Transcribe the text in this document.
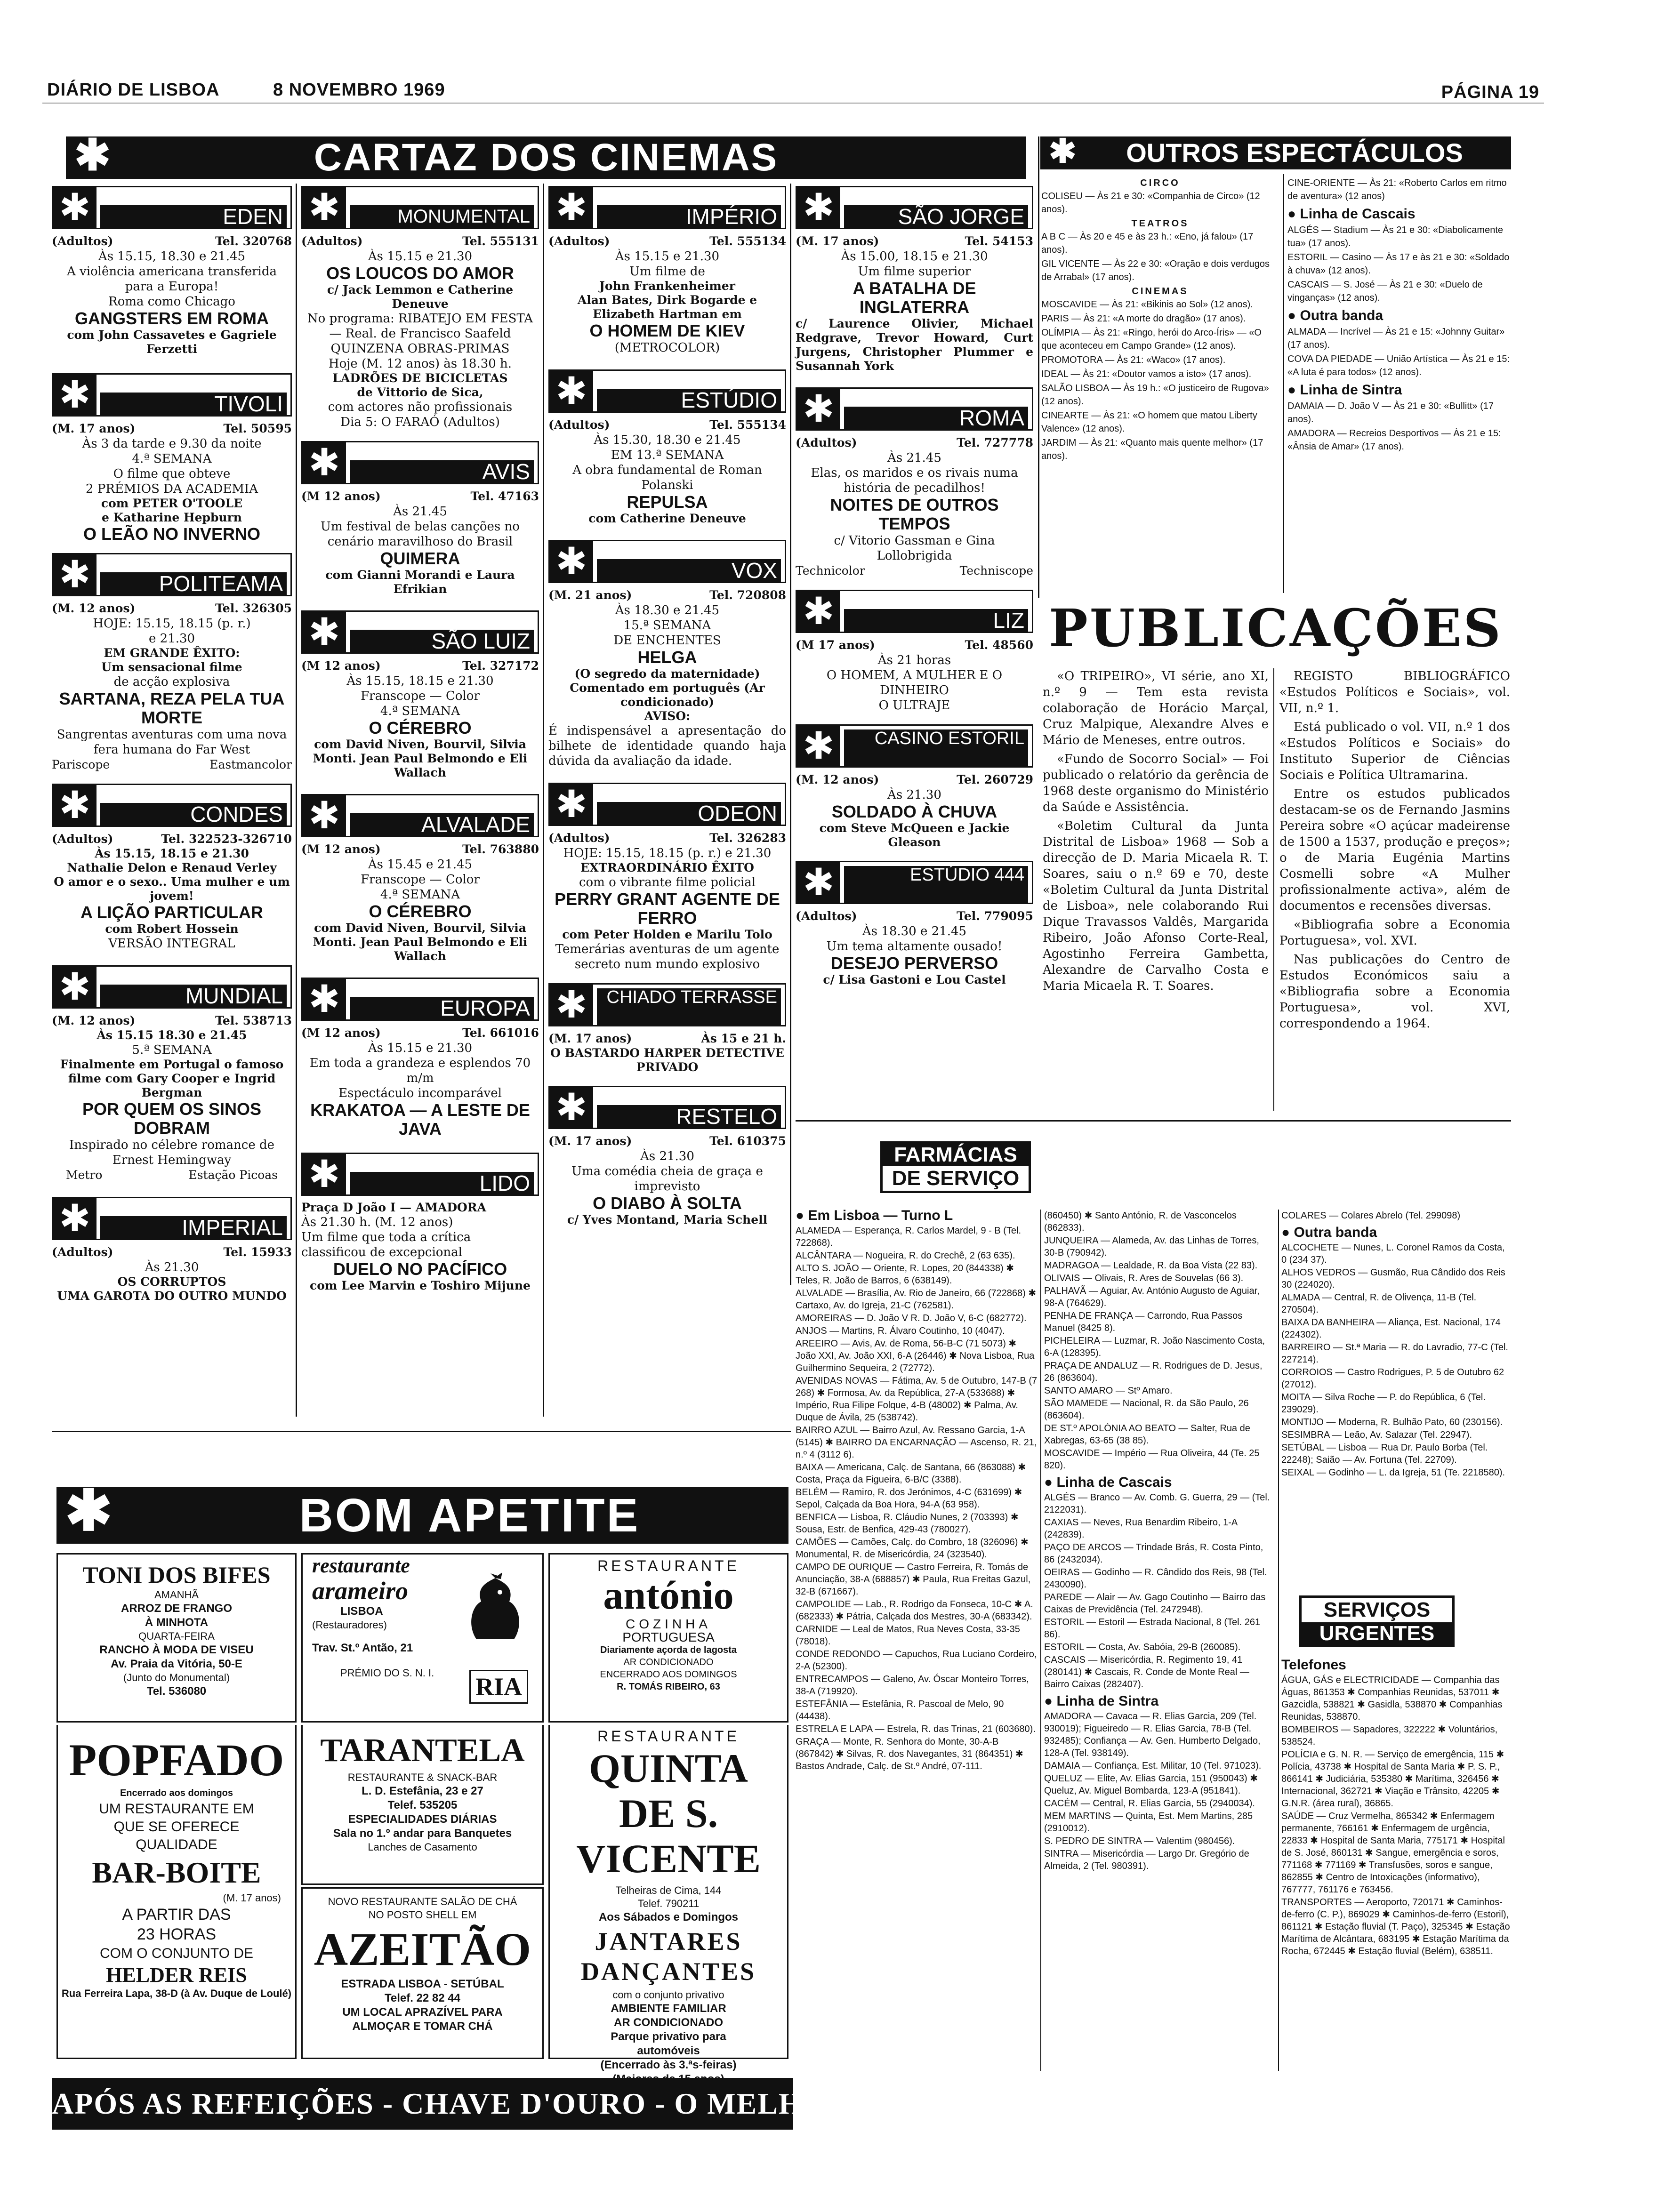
DIÁRIO DE LISBOA	8 NOVEMBRO 1969	PÁGINA 19
✱	CARTAZ DOS CINEMAS	✱	OUTROS ESPECTÁCULOS
✱	EDEN
(Adultos)	Tel. 320768
Às 15.15, 18.30 e 21.45
A violência americana transferida para a Europa!
Roma como Chicago
GANGSTERS EM ROMA
com John Cassavetes e Gagriele Ferzetti
✱	TIVOLI
(M. 17 anos)	Tel. 50595
Às 3 da tarde e 9.30 da noite
4.ª SEMANA
O filme que obteve
2 PRÉMIOS DA ACADEMIA
com PETER O'TOOLE
e Katharine Hepburn
O LEÃO NO INVERNO
✱	POLITEAMA
(M. 12 anos)	Tel. 326305
HOJE: 15.15, 18.15 (p. r.)
e 21.30
EM GRANDE ÊXITO:
Um sensacional filme
de acção explosiva
SARTANA, REZA PELA TUA MORTE
Sangrentas aventuras com uma nova fera humana do Far West
Pariscope	Eastmancolor
✱	CONDES
(Adultos)	Tel. 322523-326710
Às 15.15, 18.15 e 21.30
Nathalie Delon e Renaud Verley
O amor e o sexo.. Uma mulher e um jovem!
A LIÇÃO PARTICULAR
com Robert Hossein
VERSÃO INTEGRAL
✱	MUNDIAL
(M. 12 anos)	Tel. 538713
Às 15.15 18.30 e 21.45
5.ª SEMANA
Finalmente em Portugal o famoso filme com Gary Cooper e Ingrid Bergman
POR QUEM OS SINOS DOBRAM
Inspirado no célebre romance de Ernest Hemingway
Metro	Estação Picoas
✱	IMPERIAL
(Adultos)	Tel. 15933
Às 21.30
OS CORRUPTOS
UMA GAROTA DO OUTRO MUNDO
✱	MONUMENTAL
(Adultos)	Tel. 555131
Às 15.15 e 21.30
OS LOUCOS DO AMOR
c/ Jack Lemmon e Catherine Deneuve
No programa: RIBATEJO EM FESTA — Real. de Francisco Saafeld
QUINZENA OBRAS-PRIMAS
Hoje (M. 12 anos) às 18.30 h.
LADRÕES DE BICICLETAS
de Vittorio de Sica,
com actores não profissionais
Dia 5: O FARAÓ (Adultos)
✱	AVIS
(M 12 anos)	Tel. 47163
Às 21.45
Um festival de belas canções no cenário maravilhoso do Brasil
QUIMERA
com Gianni Morandi e Laura Efrikian
✱	SÃO LUIZ
(M 12 anos)	Tel. 327172
Às 15.15, 18.15 e 21.30
Franscope — Color
4.ª SEMANA
O CÉREBRO
com David Niven, Bourvil, Silvia Monti. Jean Paul Belmondo e Eli Wallach
✱	ALVALADE
(M 12 anos)	Tel. 763880
Às 15.45 e 21.45
Franscope — Color
4.ª SEMANA
O CÉREBRO
com David Niven, Bourvil, Silvia Monti. Jean Paul Belmondo e Eli Wallach
✱	EUROPA
(M 12 anos)	Tel. 661016
Às 15.15 e 21.30
Em toda a grandeza e esplendos 70 m/m
Espectáculo incomparável
KRAKATOA — A LESTE DE JAVA
✱	LIDO
Praça D João I — AMADORA
Às 21.30 h. (M. 12 anos)
Um filme que toda a crítica classificou de excepcional
DUELO NO PACÍFICO
com Lee Marvin e Toshiro Mijune
✱	IMPÉRIO
(Adultos)	Tel. 555134
Às 15.15 e 21.30
Um filme de
John Frankenheimer
Alan Bates, Dirk Bogarde e Elizabeth Hartman em
O HOMEM DE KIEV
(METROCOLOR)
✱	ESTÚDIO
(Adultos)	Tel. 555134
Às 15.30, 18.30 e 21.45
EM 13.ª SEMANA
A obra fundamental de Roman Polanski
REPULSA
com Catherine Deneuve
✱	VOX
(M. 21 anos)	Tel. 720808
Às 18.30 e 21.45
15.ª SEMANA
DE ENCHENTES
HELGA
(O segredo da maternidade) Comentado em português (Ar condicionado)
AVISO:
É indispensável a apresentação do bilhete de identidade quando haja dúvida da avaliação da idade.
✱	ODEON
(Adultos)	Tel. 326283
HOJE: 15.15, 18.15 (p. r.) e 21.30
EXTRAORDINÁRIO ÊXITO
com o vibrante filme policial
PERRY GRANT AGENTE DE FERRO
com Peter Holden e Marilu Tolo
Temerárias aventuras de um agente secreto num mundo explosivo
✱	CHIADO TERRASSE
(M. 17 anos)	Às 15 e 21 h.
O BASTARDO HARPER DETECTIVE PRIVADO
✱	RESTELO
(M. 17 anos)	Tel. 610375
Às 21.30
Uma comédia cheia de graça e imprevisto
O DIABO À SOLTA
c/ Yves Montand, Maria Schell
✱	SÃO JORGE
(M. 17 anos)	Tel. 54153
Às 15.00, 18.15 e 21.30
Um filme superior
A BATALHA DE INGLATERRA
c/ Laurence Olivier, Michael Redgrave, Trevor Howard, Curt Jurgens, Christopher Plummer e Susannah York
✱	ROMA
(Adultos)	Tel. 727778
Às 21.45
Elas, os maridos e os rivais numa história de pecadilhos!
NOITES DE OUTROS TEMPOS
c/ Vitorio Gassman e Gina Lollobrigida
Technicolor	Techniscope
✱	LIZ
(M 17 anos)	Tel. 48560
Às 21 horas
O HOMEM, A MULHER E O DINHEIRO
O ULTRAJE
✱	CASINO ESTORIL
(M. 12 anos)	Tel. 260729
Às 21.30
SOLDADO À CHUVA
com Steve McQueen e Jackie Gleason
✱	ESTÚDIO 444
(Adultos)	Tel. 779095
Às 18.30 e 21.45
Um tema altamente ousado!
DESEJO PERVERSO
c/ Lisa Gastoni e Lou Castel
CIRCO

COLISEU — Às 21 e 30: «Companhia de Circo» (12 anos).

TEATROS

A B C — Às 20 e 45 e às 23 h.: «Eno, já falou» (17 anos).

GIL VICENTE — Às 22 e 30: «Oração e dois verdugos de Arrabal» (17 anos).

CINEMAS

MOSCAVIDE — Às 21: «Bikinis ao Sol» (12 anos).

PARIS — Às 21: «A morte do dragão» (17 anos).

OLÍMPIA — Às 21: «Ringo, herói do Arco-Íris» — «O que aconteceu em Campo Grande» (12 anos).

PROMOTORA — Às 21: «Waco» (17 anos).

IDEAL — Às 21: «Doutor vamos a isto» (17 anos).

SALÃO LISBOA — Às 19 h.: «O justiceiro de Rugova» (12 anos).

CINEARTE — Às 21: «O homem que matou Liberty Valence» (12 anos).

JARDIM — Às 21: «Quanto mais quente melhor» (17 anos).

CINE-ORIENTE — Às 21: «Roberto Carlos em ritmo de aventura» (12 anos)

● Linha de Cascais

ALGÉS — Stadium — Às 21 e 30: «Diabolicamente tua» (17 anos).

ESTORIL — Casino — Às 17 e às 21 e 30: «Soldado à chuva» (12 anos).

CASCAIS — S. José — Às 21 e 30: «Duelo de vinganças» (12 anos).

● Outra banda

ALMADA — Incrível — Às 21 e 15: «Johnny Guitar» (17 anos).

COVA DA PIEDADE — União Artística — Às 21 e 15: «A luta é para todos» (12 anos).

● Linha de Sintra

DAMAIA — D. João V — Às 21 e 30: «Bullitt» (17 anos).

AMADORA — Recreios Desportivos — Às 21 e 15: «Ânsia de Amar» (17 anos).

PUBLICAÇÕES

«O TRIPEIRO», VI série, ano XI, n.º 9 — Tem esta revista colaboração de Horácio Marçal, Cruz Malpique, Alexandre Alves e Mário de Meneses, entre outros.

«Fundo de Socorro Social» — Foi publicado o relatório da gerência de 1968 deste organismo do Ministério da Saúde e Assistência.

«Boletim Cultural da Junta Distrital de Lisboa» 1968 — Sob a direcção de D. Maria Micaela R. T. Soares, saiu o n.º 69 e 70, deste «Boletim Cultural da Junta Distrital de Lisboa», nele colaborando Rui Dique Travassos Valdês, Margarida Ribeiro, João Afonso Corte-Real, Agostinho Ferreira Gambetta, Alexandre de Carvalho Costa e Maria Micaela R. T. Soares.

REGISTO BIBLIOGRÁFICO «Estudos Políticos e Sociais», vol. VII, n.º 1.

Está publicado o vol. VII, n.º 1 dos «Estudos Políticos e Sociais» do Instituto Superior de Ciências Sociais e Política Ultramarina.

Entre os estudos publicados destacam-se os de Fernando Jasmins Pereira sobre «O açúcar madeirense de 1500 a 1537, produção e preços»; o de Maria Eugénia Martins Cosmelli sobre «A Mulher profissionalmente activa», além de documentos e recensões diversas.

«Bibliografia sobre a Economia Portuguesa», vol. XVI.

Nas publicações do Centro de Estudos Económicos saiu a «Bibliografia sobre a Economia Portuguesa», vol. XVI, correspondendo a 1964.

FARMÁCIAS
DE SERVIÇO
● Em Lisboa — Turno L

ALAMEDA — Esperança, R. Carlos Mardel, 9 - B (Tel. 722868).

ALCÂNTARA — Nogueira, R. do Crechê, 2 (63 635).

ALTO S. JOÃO — Oriente, R. Lopes, 20 (844338) ✱ Teles, R. João de Barros, 6 (638149).

ALVALADE — Brasília, Av. Rio de Janeiro, 66 (722868) ✱ Cartaxo, Av. do Igreja, 21-C (762581).

AMOREIRAS — D. João V R. D. João V, 6-C (682772).

ANJOS — Martins, R. Álvaro Coutinho, 10 (4047).

AREEIRO — Avis, Av. de Roma, 56-B-C (71 5073) ✱ João XXI, Av. João XXI, 6-A (26446) ✱ Nova Lisboa, Rua Guilhermino Sequeira, 2 (72772).

AVENIDAS NOVAS — Fátima, Av. 5 de Outubro, 147-B (7 268) ✱ Formosa, Av. da República, 27-A (533688) ✱ Império, Rua Filipe Folque, 4-B (48002) ✱ Palma, Av. Duque de Ávila, 25 (538742).

BAIRRO AZUL — Bairro Azul, Av. Ressano Garcia, 1-A (5145) ✱ BAIRRO DA ENCARNAÇÃO — Ascenso, R. 21, n.º 4 (3112 6).

BAIXA — Americana, Calç. de Santana, 66 (863088) ✱ Costa, Praça da Figueira, 6-B/C (3388).

BELÉM — Ramiro, R. dos Jerónimos, 4-C (631699) ✱ Sepol, Calçada da Boa Hora, 94-A (63 958).

BENFICA — Lisboa, R. Cláudio Nunes, 2 (703393) ✱ Sousa, Estr. de Benfica, 429-43 (780027).

CAMÕES — Camões, Calç. do Combro, 18 (326096) ✱ Monumental, R. de Misericórdia, 24 (323540).

CAMPO DE OURIQUE — Castro Ferreira, R. Tomás de Anunciação, 38-A (688857) ✱ Paula, Rua Freitas Gazul, 32-B (671667).

CAMPOLIDE — Lab., R. Rodrigo da Fonseca, 10-C ✱ A. (682333) ✱ Pátria, Calçada dos Mestres, 30-A (683342).

CARNIDE — Leal de Matos, Rua Neves Costa, 33-35 (78018).

CONDE REDONDO — Capuchos, Rua Luciano Cordeiro, 2-A (52300).

ENTRECAMPOS — Galeno, Av. Óscar Monteiro Torres, 38-A (719920).

ESTEFÂNIA — Estefânia, R. Pascoal de Melo, 90 (44438).

ESTRELA E LAPA — Estrela, R. das Trinas, 21 (603680).

GRAÇA — Monte, R. Senhora do Monte, 30-A-B (867842) ✱ Silvas, R. dos Navegantes, 31 (864351) ✱ Bastos Andrade, Calç. de St.º André, 07-111.

(860450) ✱ Santo António, R. de Vasconcelos (862833).

JUNQUEIRA — Alameda, Av. das Linhas de Torres, 30-B (790942).

MADRAGOA — Lealdade, R. da Boa Vista (22 83).

OLIVAIS — Olivais, R. Ares de Souvelas (66 3).

PALHAVÃ — Aguiar, Av. António Augusto de Aguiar, 98-A (764629).

PENHA DE FRANÇA — Carrondo, Rua Passos Manuel (8425 8).

PICHELEIRA — Luzmar, R. João Nascimento Costa, 6-A (128395).

PRAÇA DE ANDALUZ — R. Rodrigues de D. Jesus, 26 (863604).

SANTO AMARO — Stº Amaro.

SÃO MAMEDE — Nacional, R. da São Paulo, 26 (863604).

DE ST.º APOLÓNIA AO BEATO — Salter, Rua de Xabregas, 63-65 (38 85).

MOSCAVIDE — Império — Rua Oliveira, 44 (Te. 25 820).

● Linha de Cascais

ALGÉS — Branco — Av. Comb. G. Guerra, 29 — (Tel. 2122031).

CAXIAS — Neves, Rua Benardim Ribeiro, 1-A (242839).

PAÇO DE ARCOS — Trindade Brás, R. Costa Pinto, 86 (2432034).

OEIRAS — Godinho — R. Cândido dos Reis, 98 (Tel. 2430090).

PAREDE — Alair — Av. Gago Coutinho — Bairro das Caixas de Previdência (Tel. 2472948).

ESTORIL — Estoril — Estrada Nacional, 8 (Tel. 261 86).

ESTORIL — Costa, Av. Sabóia, 29-B (260085).

CASCAIS — Misericórdia, R. Regimento 19, 41 (280141) ✱ Cascais, R. Conde de Monte Real — Bairro Caixas (282407).

● Linha de Sintra

AMADORA — Cavaca — R. Elias Garcia, 209 (Tel. 930019); Figueiredo — R. Elias Garcia, 78-B (Tel. 932485); Confiança — Av. Gen. Humberto Delgado, 128-A (Tel. 938149).

DAMAIA — Confiança, Est. Militar, 10 (Tel. 971023).

QUELUZ — Elite, Av. Elias Garcia, 151 (950043) ✱ Queluz, Av. Miguel Bombarda, 123-A (951841).

CACÉM — Central, R. Elias Garcia, 55 (2940034).

MEM MARTINS — Quinta, Est. Mem Martins, 285 (2910012).

S. PEDRO DE SINTRA — Valentim (980456).

SINTRA — Misericórdia — Largo Dr. Gregório de Almeida, 2 (Tel. 980391).

COLARES — Colares Abrelo (Tel. 299098)

● Outra banda

ALCOCHETE — Nunes, L. Coronel Ramos da Costa, 0 (234 37).

ALHOS VEDROS — Gusmão, Rua Cândido dos Reis 30 (224020).

ALMADA — Central, R. de Olivença, 11-B (Tel. 270504).

BAIXA DA BANHEIRA — Aliança, Est. Nacional, 174 (224302).

BARREIRO — St.ª Maria — R. do Lavradio, 77-C (Tel. 227214).

CORROIOS — Castro Rodrigues, P. 5 de Outubro 62 (27012).

MOITA — Silva Roche — P. do República, 6 (Tel. 239029).

MONTIJO — Moderna, R. Bulhão Pato, 60 (230156).

SESIMBRA — Leão, Av. Salazar (Tel. 22947).

SETÚBAL — Lisboa — Rua Dr. Paulo Borba (Tel. 22248); Saião — Av. Fortuna (Tel. 22709).

SEIXAL — Godinho — L. da Igreja, 51 (Te. 2218580).

SERVIÇOS
URGENTES
Telefones

ÁGUA, GÁS e ELECTRICIDADE — Companhia das Águas, 861353 ✱ Companhias Reunidas, 537011 ✱ Gazcidla, 538821 ✱ Gasidla, 538870 ✱ Companhias Reunidas, 538870.

BOMBEIROS — Sapadores, 322222 ✱ Voluntários, 538524.

POLÍCIA e G. N. R. — Serviço de emergência, 115 ✱ Polícia, 43738 ✱ Hospital de Santa Maria ✱ P. S. P., 866141 ✱ Judiciária, 535380 ✱ Marítima, 326456 ✱ Internacional, 362721 ✱ Viação e Trânsito, 42205 ✱ G.N.R. (área rural), 36865.

SAÚDE — Cruz Vermelha, 865342 ✱ Enfermagem permanente, 766161 ✱ Enfermagem de urgência, 22833 ✱ Hospital de Santa Maria, 775171 ✱ Hospital de S. José, 860131 ✱ Sangue, emergência e soros, 771168 ✱ 771169 ✱ Transfusões, soros e sangue, 862855 ✱ Centro de Intoxicações (informativo), 767777, 761176 e 763456.

TRANSPORTES — Aeroporto, 720171 ✱ Caminhos-de-ferro (C. P.), 869029 ✱ Caminhos-de-ferro (Estoril), 861121 ✱ Estação fluvial (T. Paço), 325345 ✱ Estação Marítima de Alcântara, 683195 ✱ Estação Marítima da Rocha, 672445 ✱ Estação fluvial (Belém), 638511.

✱	BOM APETITE
TONI DOS BIFES
AMANHÃ
ARROZ DE FRANGO
À MINHOTA
QUARTA-FEIRA
RANCHO À MODA DE VISEU
Av. Praia da Vitória, 50-E
(Junto do Monumental)
Tel. 536080
POPFADO
Encerrado aos domingos
UM RESTAURANTE EM
QUE SE OFERECE
QUALIDADE
BAR-BOITE
(M. 17 anos)
A PARTIR DAS
23 HORAS
COM O CONJUNTO DE
HELDER REIS
Rua Ferreira Lapa, 38-D (à Av. Duque de Loulé)
restaurante
arameiro
LISBOA
(Restauradores)
Trav. St.º Antão, 21
PRÉMIO DO S. N. I.	RIA
TARANTELA
RESTAURANTE & SNACK-BAR
L. D. Estefânia, 23 e 27
Telef. 535205
ESPECIALIDADES DIÁRIAS
Sala no 1.º andar para Banquetes
Lanches de Casamento
NOVO RESTAURANTE SALÃO DE CHÁ NO POSTO SHELL EM
AZEITÃO
ESTRADA LISBOA - SETÚBAL
Telef. 22 82 44
UM LOCAL APRAZÍVEL PARA
ALMOÇAR E TOMAR CHÁ
RESTAURANTE
antónio
COZINHA
PORTUGUESA
Diariamente açorda de lagosta
AR CONDICIONADO
ENCERRADO AOS DOMINGOS
R. TOMÁS RIBEIRO, 63
RESTAURANTE
QUINTA DE S. VICENTE
Telheiras de Cima, 144
Telef. 790211
Aos Sábados e Domingos
JANTARES DANÇANTES
com o conjunto privativo
AMBIENTE FAMILIAR
AR CONDICIONADO
Parque privativo para automóveis
(Encerrado às 3.ªs-feiras)
APÓS AS REFEIÇÕES - CHAVE D'OURO - O MELHOR CAFÉ
